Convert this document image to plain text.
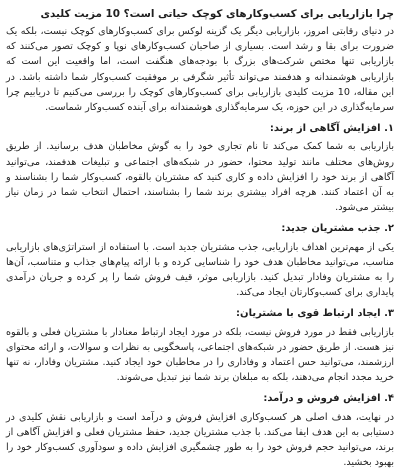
چرا بازاریابی برای کسب‌وکارهای کوچک حیاتی است؟ 10 مزیت کلیدی

در دنیای رقابتی امروز، بازاریابی دیگر یک گزینه لوکس برای کسب‌وکارهای کوچک نیست، بلکه یک ضرورت برای بقا و رشد است. بسیاری از صاحبان کسب‌وکارهای نوپا و کوچک تصور می‌کنند که بازاریابی تنها مختص شرکت‌های بزرگ با بودجه‌های هنگفت است، اما واقعیت این است که بازاریابی هوشمندانه و هدفمند می‌تواند تأثیر شگرفی بر موفقیت کسب‌وکار شما داشته باشد. در این مقاله، 10 مزیت کلیدی بازاریابی برای کسب‌وکارهای کوچک را بررسی می‌کنیم تا دریابیم چرا سرمایه‌گذاری در این حوزه، یک سرمایه‌گذاری هوشمندانه برای آینده کسب‌وکار شماست.

۱. افزایش آگاهی از برند:

بازاریابی به شما کمک می‌کند تا نام تجاری خود را به گوش مخاطبان هدف برسانید. از طریق روش‌های مختلف مانند تولید محتوا، حضور در شبکه‌های اجتماعی و تبلیغات هدفمند، می‌توانید آگاهی از برند خود را افزایش داده و کاری کنید که مشتریان بالقوه، کسب‌وکار شما را بشناسند و به آن اعتماد کنند. هرچه افراد بیشتری برند شما را بشناسند، احتمال انتخاب شما در زمان نیاز بیشتر می‌شود.

۲. جذب مشتریان جدید:

یکی از مهم‌ترین اهداف بازاریابی، جذب مشتریان جدید است. با استفاده از استراتژی‌های بازاریابی مناسب، می‌توانید مخاطبان هدف خود را شناسایی کرده و با ارائه پیام‌های جذاب و متناسب، آن‌ها را به مشتریان وفادار تبدیل کنید. بازاریابی موثر، قیف فروش شما را پر کرده و جریان درآمدی پایداری برای کسب‌وکارتان ایجاد می‌کند.

۳. ایجاد ارتباط قوی با مشتریان:

بازاریابی فقط در مورد فروش نیست، بلکه در مورد ایجاد ارتباط معنادار با مشتریان فعلی و بالقوه نیز هست. از طریق حضور در شبکه‌های اجتماعی، پاسخگویی به نظرات و سوالات، و ارائه محتوای ارزشمند، می‌توانید حس اعتماد و وفاداری را در مخاطبان خود ایجاد کنید. مشتریان وفادار، نه تنها خرید مجدد انجام می‌دهند، بلکه به مبلغان برند شما نیز تبدیل می‌شوند.

۴. افزایش فروش و درآمد:

در نهایت، هدف اصلی هر کسب‌وکاری افزایش فروش و درآمد است و بازاریابی نقش کلیدی در دستیابی به این هدف ایفا می‌کند. با جذب مشتریان جدید، حفظ مشتریان فعلی و افزایش آگاهی از برند، می‌توانید حجم فروش خود را به طور چشمگیری افزایش داده و سودآوری کسب‌وکار خود را بهبود بخشید.
